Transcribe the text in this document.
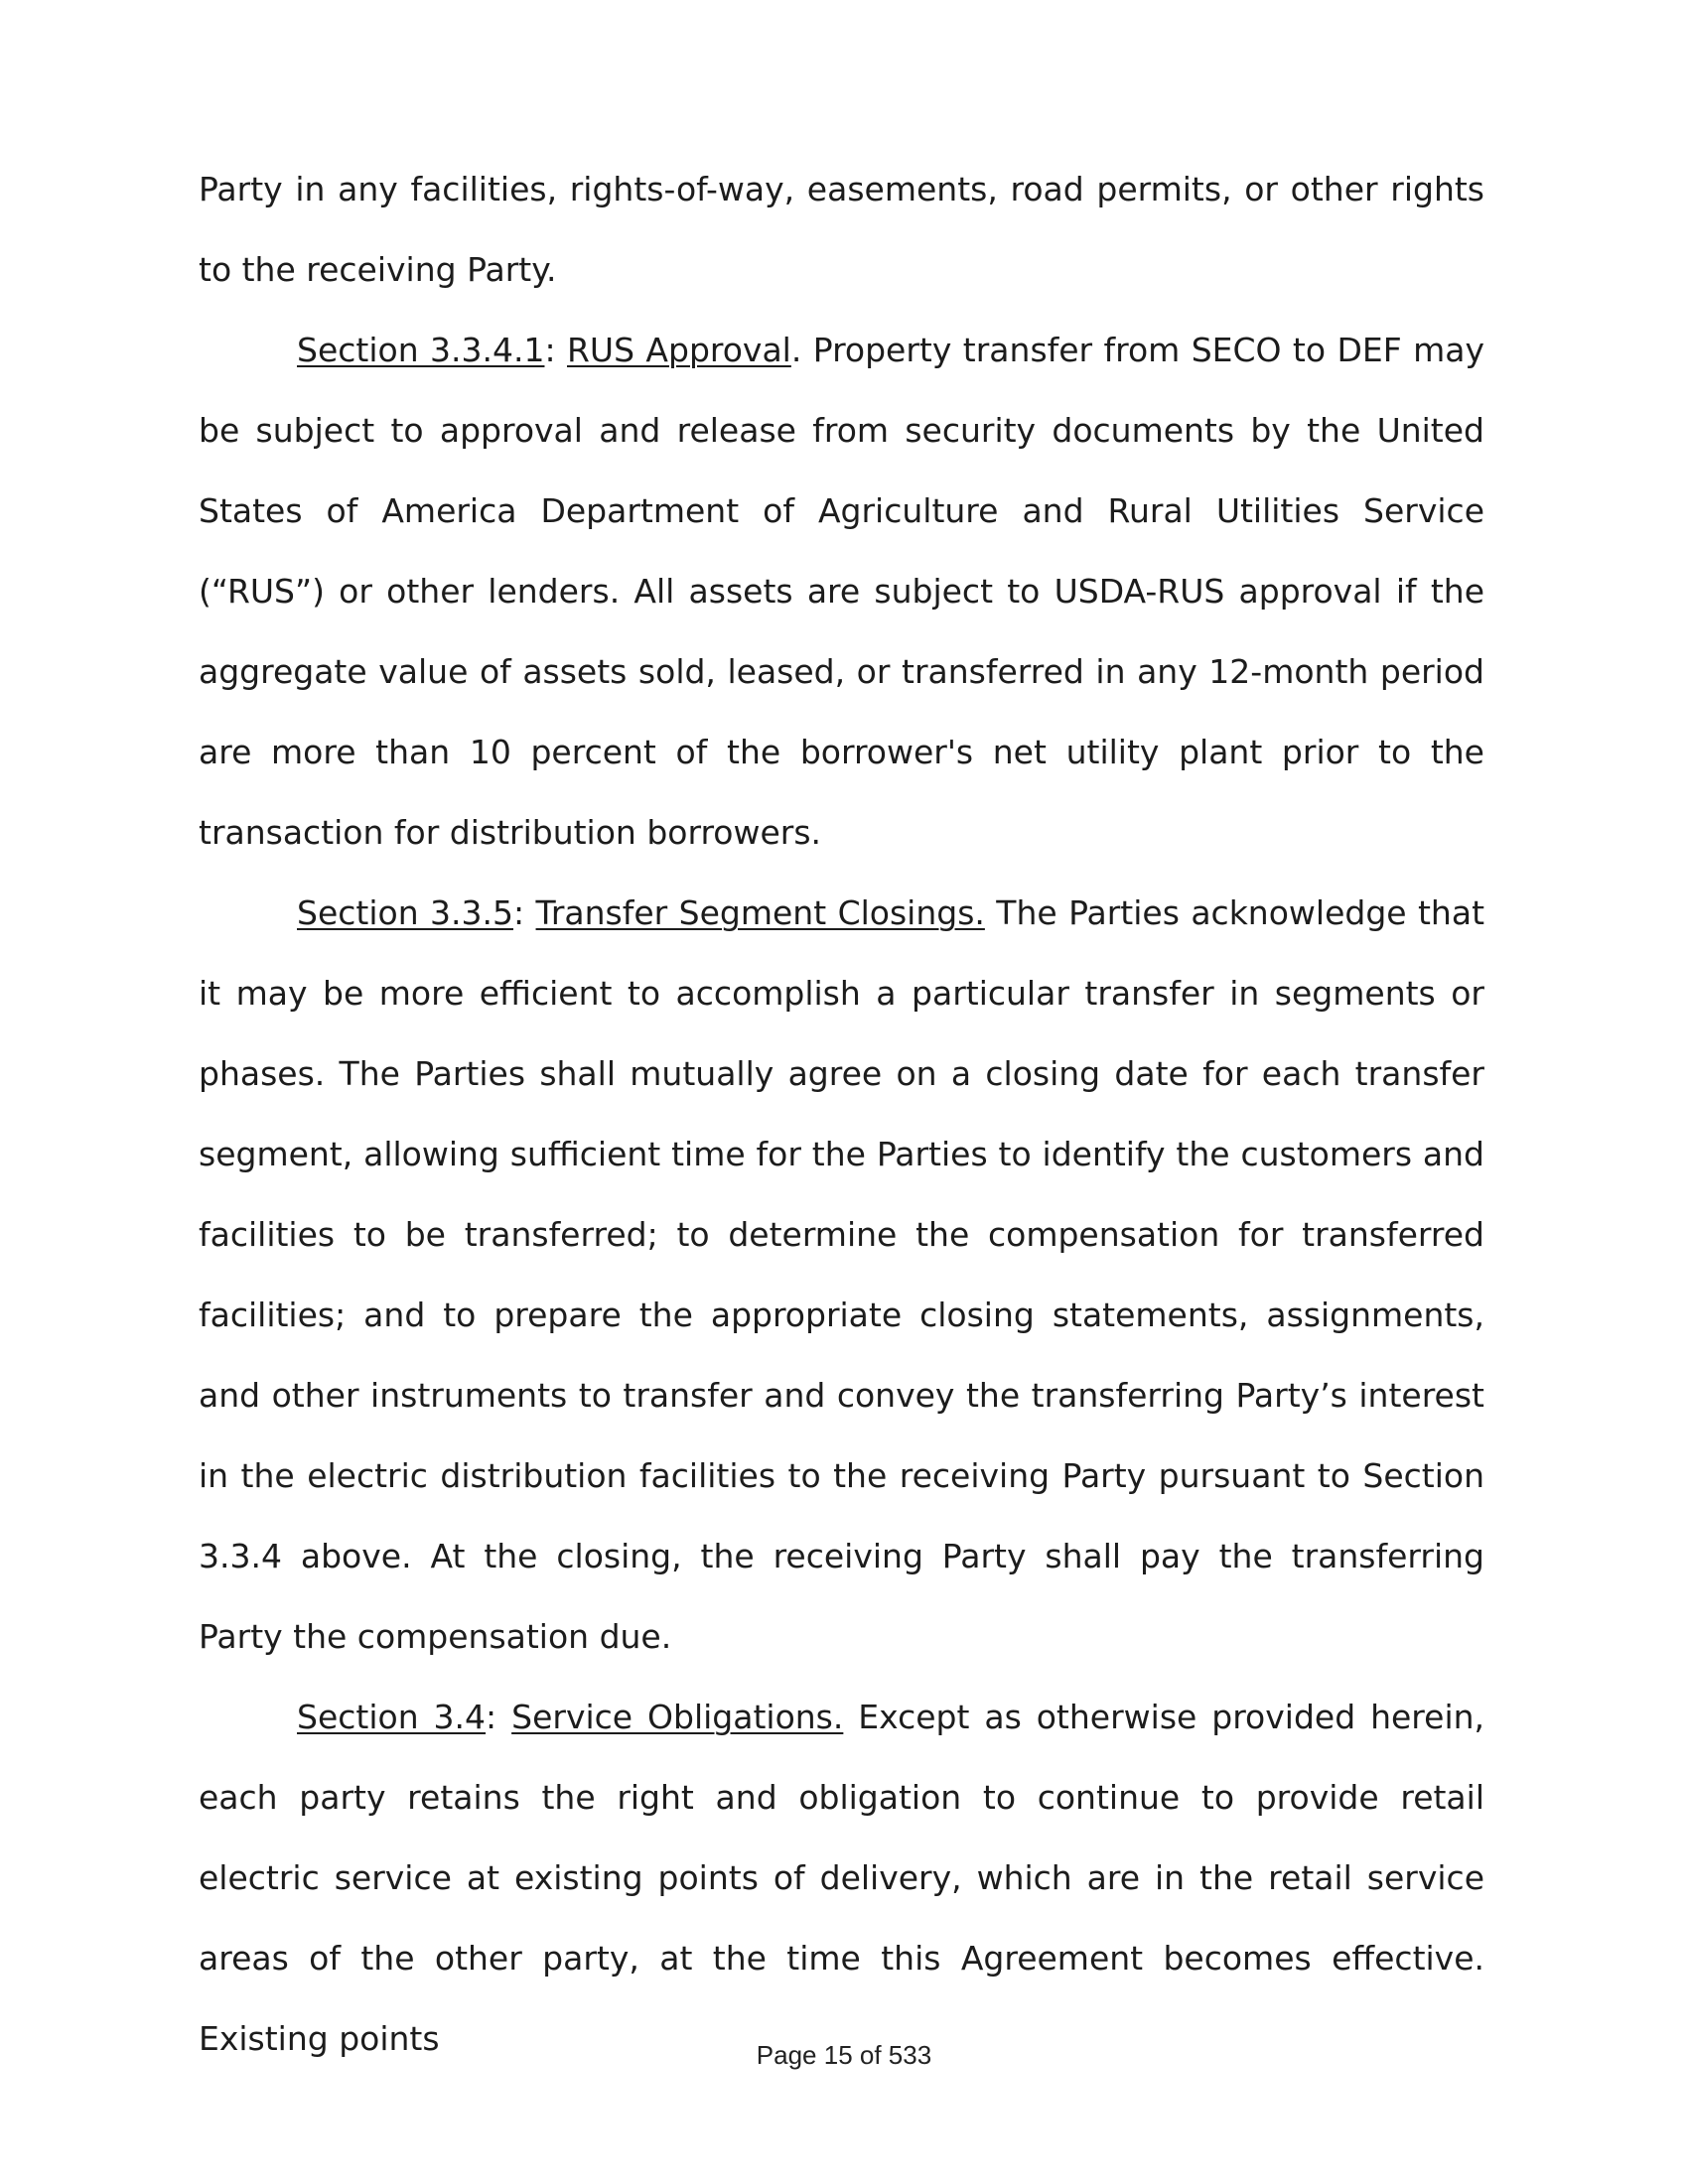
Party in any facilities, rights-of-way, easements, road permits, or other rights to the receiving Party.

Section 3.3.4.1: RUS Approval. Property transfer from SECO to DEF may be subject to approval and release from security documents by the United States of America Department of Agriculture and Rural Utilities Service (“RUS”) or other lenders. All assets are subject to USDA-RUS approval if the aggregate value of assets sold, leased, or transferred in any 12-month period are more than 10 percent of the borrower's net utility plant prior to the transaction for distribution borrowers.

Section 3.3.5: Transfer Segment Closings. The Parties acknowledge that it may be more efficient to accomplish a particular transfer in segments or phases. The Parties shall mutually agree on a closing date for each transfer segment, allowing sufficient time for the Parties to identify the customers and facilities to be transferred; to determine the compensation for transferred facilities; and to prepare the appropriate closing statements, assignments, and other instruments to transfer and convey the transferring Party’s interest in the electric distribution facilities to the receiving Party pursuant to Section 3.3.4 above. At the closing, the receiving Party shall pay the transferring Party the compensation due.

Section 3.4: Service Obligations. Except as otherwise provided herein, each party retains the right and obligation to continue to provide retail electric service at existing points of delivery, which are in the retail service areas of the other party, at the time this Agreement becomes effective. Existing points	Page 15 of 533
